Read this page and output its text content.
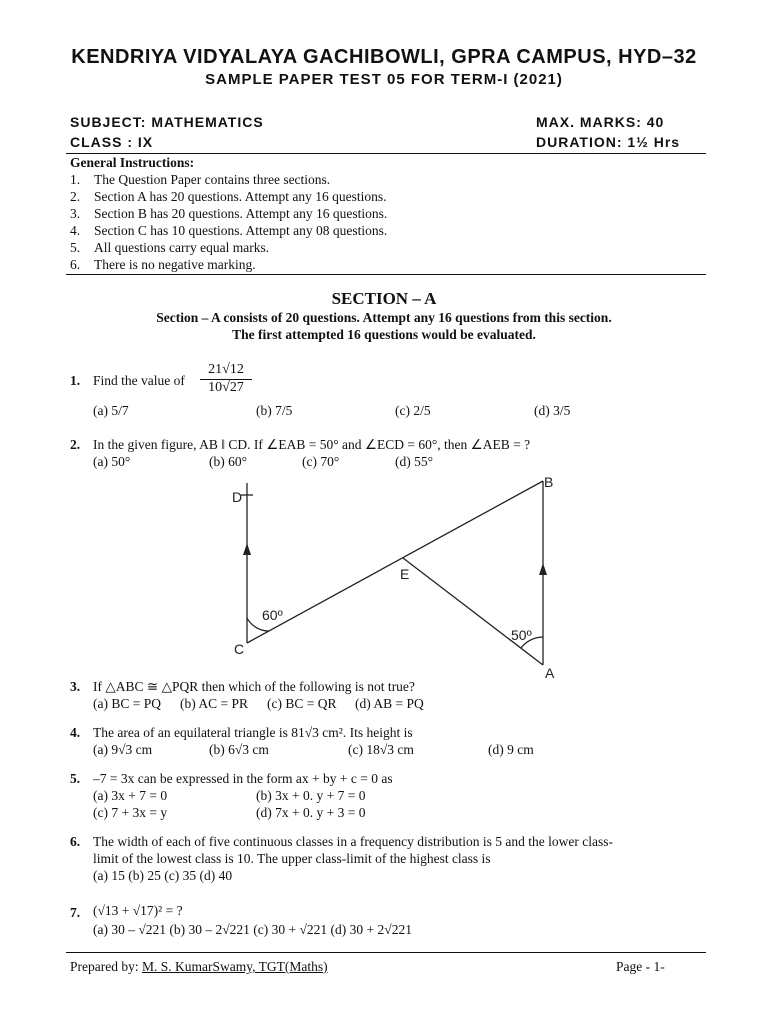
KENDRIYA VIDYALAYA GACHIBOWLI, GPRA CAMPUS, HYD–32
SAMPLE PAPER TEST 05 FOR TERM-I (2021)
SUBJECT: MATHEMATICS	MAX. MARKS: 40
CLASS : IX	DURATION: 1½ Hrs
General Instructions:
1. The Question Paper contains three sections.
2. Section A has 20 questions. Attempt any 16 questions.
3. Section B has 20 questions. Attempt any 16 questions.
4. Section C has 10 questions. Attempt any 08 questions.
5. All questions carry equal marks.
6. There is no negative marking.
SECTION – A
Section – A consists of 20 questions. Attempt any 16 questions from this section.
The first attempted 16 questions would be evaluated.
1. Find the value of $\frac{21√12}{10√27}$
(a) 5/7	(b) 7/5	(c) 2/5	(d) 3/5
2. In the given figure, AB ǁ CD. If ∠EAB = 50° and ∠ECD = 60°, then ∠AEB = ?
(a) 50°	(b) 60°	(c) 70°	(d) 55°
D
B
E
C
A
60º
50º
3. If △ABC ≅ △PQR then which of the following is not true?
(a) BC = PQ (b) AC = PR (c) BC = QR (d) AB = PQ
4. The area of an equilateral triangle is 81√3 cm². Its height is
(a) 9√3 cm	(b) 6√3 cm	(c) 18√3 cm	(d) 9 cm
5. –7 = 3x can be expressed in the form ax + by + c = 0 as
(a) 3x + 7 = 0	(b) 3x + 0. y + 7 = 0
(c) 7 + 3x = y	(d) 7x + 0. y + 3 = 0
6. The width of each of five continuous classes in a frequency distribution is 5 and the lower class-
limit of the lowest class is 10. The upper class-limit of the highest class is
(a) 15 (b) 25 (c) 35 (d) 40
7. (√13 + √17)² = ?
(a) 30 – √221 (b) 30 – 2√221 (c) 30 + √221 (d) 30 + 2√221
Prepared by: M. S. KumarSwamy, TGT(Maths)	Page - 1-
